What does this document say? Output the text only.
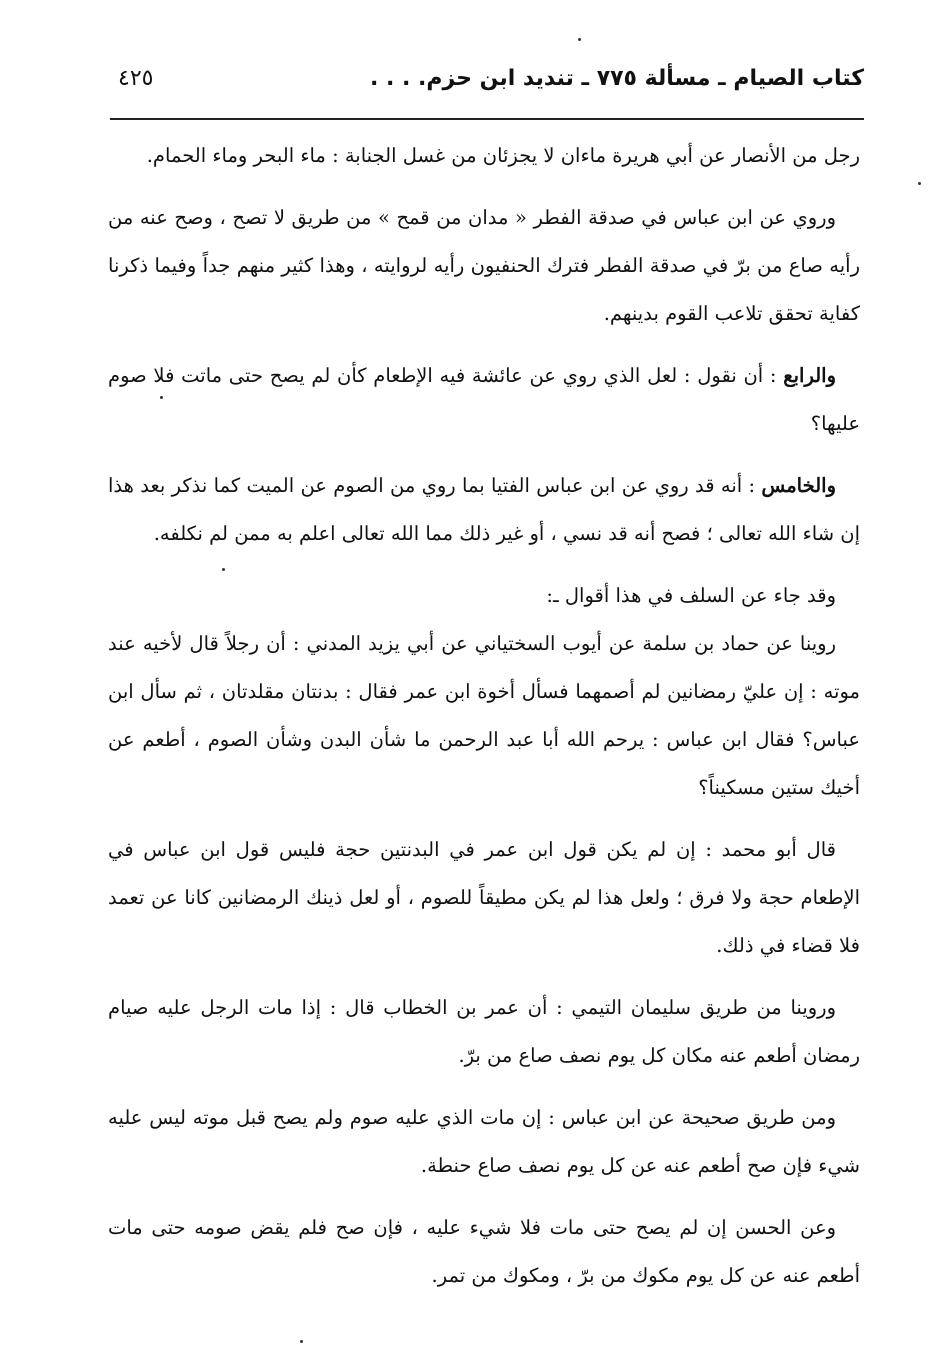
كتاب الصيام ـ مسألة ٧٧٥ ـ تنديد ابن حزم. . . .
٤٢٥

رجل من الأنصار عن أبي هريرة ماءان لا يجزئان من غسل الجنابة : ماء البحر وماء الحمام.

وروي عن ابن عباس في صدقة الفطر « مدان من قمح » من طريق لا تصح ، وصح عنه من رأيه صاع من برّ في صدقة الفطر فترك الحنفيون رأيه لروايته ، وهذا كثير منهم جداً وفيما ذكرنا كفاية تحقق تلاعب القوم بدينهم.

والرابع : أن نقول : لعل الذي روي عن عائشة فيه الإطعام كأن لم يصح حتى ماتت فلا صوم عليها؟

والخامس : أنه قد روي عن ابن عباس الفتيا بما روي من الصوم عن الميت كما نذكر بعد هذا إن شاء الله تعالى ؛ فصح أنه قد نسي ، أو غير ذلك مما الله تعالى اعلم به ممن لم نكلفه.

وقد جاء عن السلف في هذا أقوال ـ:

روينا عن حماد بن سلمة عن أيوب السختياني عن أبي يزيد المدني : أن رجلاً قال لأخيه عند موته : إن عليّ رمضانين لم أصمهما فسأل أخوة ابن عمر فقال : بدنتان مقلدتان ، ثم سأل ابن عباس؟ فقال ابن عباس : يرحم الله أبا عبد الرحمن ما شأن البدن وشأن الصوم ، أطعم عن أخيك ستين مسكيناً؟

قال أبو محمد : إن لم يكن قول ابن عمر في البدنتين حجة فليس قول ابن عباس في الإطعام حجة ولا فرق ؛ ولعل هذا لم يكن مطيقاً للصوم ، أو لعل ذينك الرمضانين كانا عن تعمد فلا قضاء في ذلك.

وروينا من طريق سليمان التيمي : أن عمر بن الخطاب قال : إذا مات الرجل عليه صيام رمضان أطعم عنه مكان كل يوم نصف صاع من برّ.

ومن طريق صحيحة عن ابن عباس : إن مات الذي عليه صوم ولم يصح قبل موته ليس عليه شيء فإن صح أطعم عنه عن كل يوم نصف صاع حنطة.

وعن الحسن إن لم يصح حتى مات فلا شيء عليه ، فإن صح فلم يقض صومه حتى مات أطعم عنه عن كل يوم مكوك من برّ ، ومكوك من تمر.
